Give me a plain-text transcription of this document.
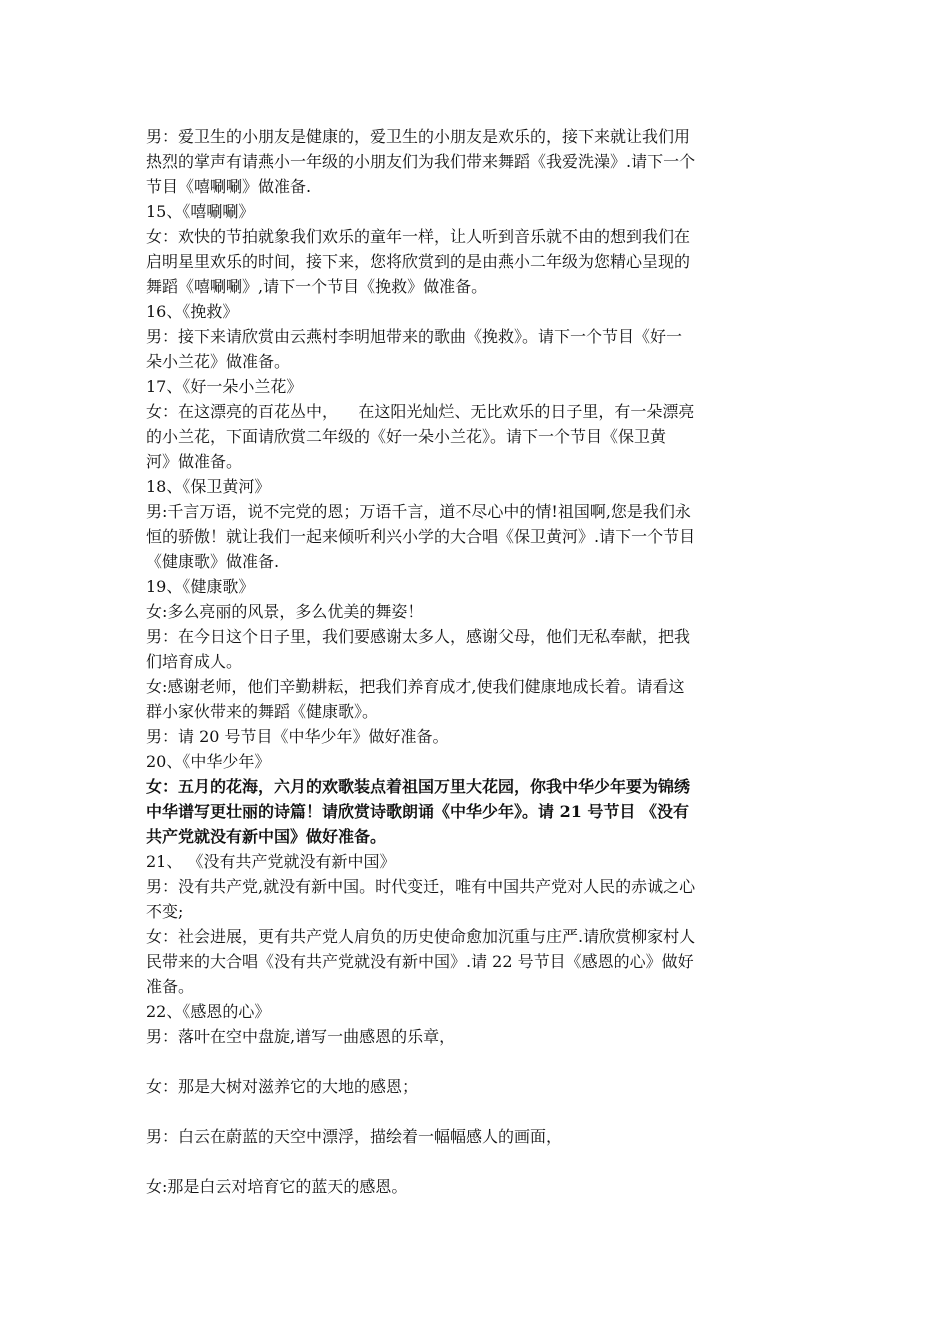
男：爱卫生的小朋友是健康的，爱卫生的小朋友是欢乐的，接下来就让我们用
热烈的掌声有请燕小一年级的小朋友们为我们带来舞蹈《我爱洗澡》.请下一个
节目《嘻唰唰》做准备.
15、《嘻唰唰》
女：欢快的节拍就象我们欢乐的童年一样，让人听到音乐就不由的想到我们在
启明星里欢乐的时间，接下来，您将欣赏到的是由燕小二年级为您精心呈现的
舞蹈《嘻唰唰》,请下一个节目《挽救》做准备。
16、《挽救》
男：接下来请欣赏由云燕村李明旭带来的歌曲《挽救》。请下一个节目《好一
朵小兰花》做准备。
17、《好一朵小兰花》
女：在这漂亮的百花丛中，    在这阳光灿烂、无比欢乐的日子里，有一朵漂亮
的小兰花，下面请欣赏二年级的《好一朵小兰花》。请下一个节目《保卫黄
河》做准备。
18、《保卫黄河》
男:千言万语，说不完党的恩；万语千言，道不尽心中的情!祖国啊,您是我们永
恒的骄傲！就让我们一起来倾听利兴小学的大合唱《保卫黄河》.请下一个节目
《健康歌》做准备.
19、《健康歌》
女:多么亮丽的风景，多么优美的舞姿！
男：在今日这个日子里，我们要感谢太多人，感谢父母，他们无私奉献，把我
们培育成人。
女:感谢老师，他们辛勤耕耘，把我们养育成才,使我们健康地成长着。请看这
群小家伙带来的舞蹈《健康歌》。
男：请 20 号节目《中华少年》做好准备。
20、《中华少年》
女：五月的花海，六月的欢歌装点着祖国万里大花园，你我中华少年要为锦绣
中华谱写更壮丽的诗篇！请欣赏诗歌朗诵《中华少年》。请 21 号节目 《没有
共产党就没有新中国》做好准备。
21、 《没有共产党就没有新中国》
男：没有共产党,就没有新中国。时代变迁，唯有中国共产党对人民的赤诚之心
不变;
女：社会进展，更有共产党人肩负的历史使命愈加沉重与庄严.请欣赏柳家村人
民带来的大合唱《没有共产党就没有新中国》.请 22 号节目《感恩的心》做好
准备。
22、《感恩的心》
男：落叶在空中盘旋,谱写一曲感恩的乐章，
女：那是大树对滋养它的大地的感恩；
男：白云在蔚蓝的天空中漂浮，描绘着一幅幅感人的画面，
女:那是白云对培育它的蓝天的感恩。
